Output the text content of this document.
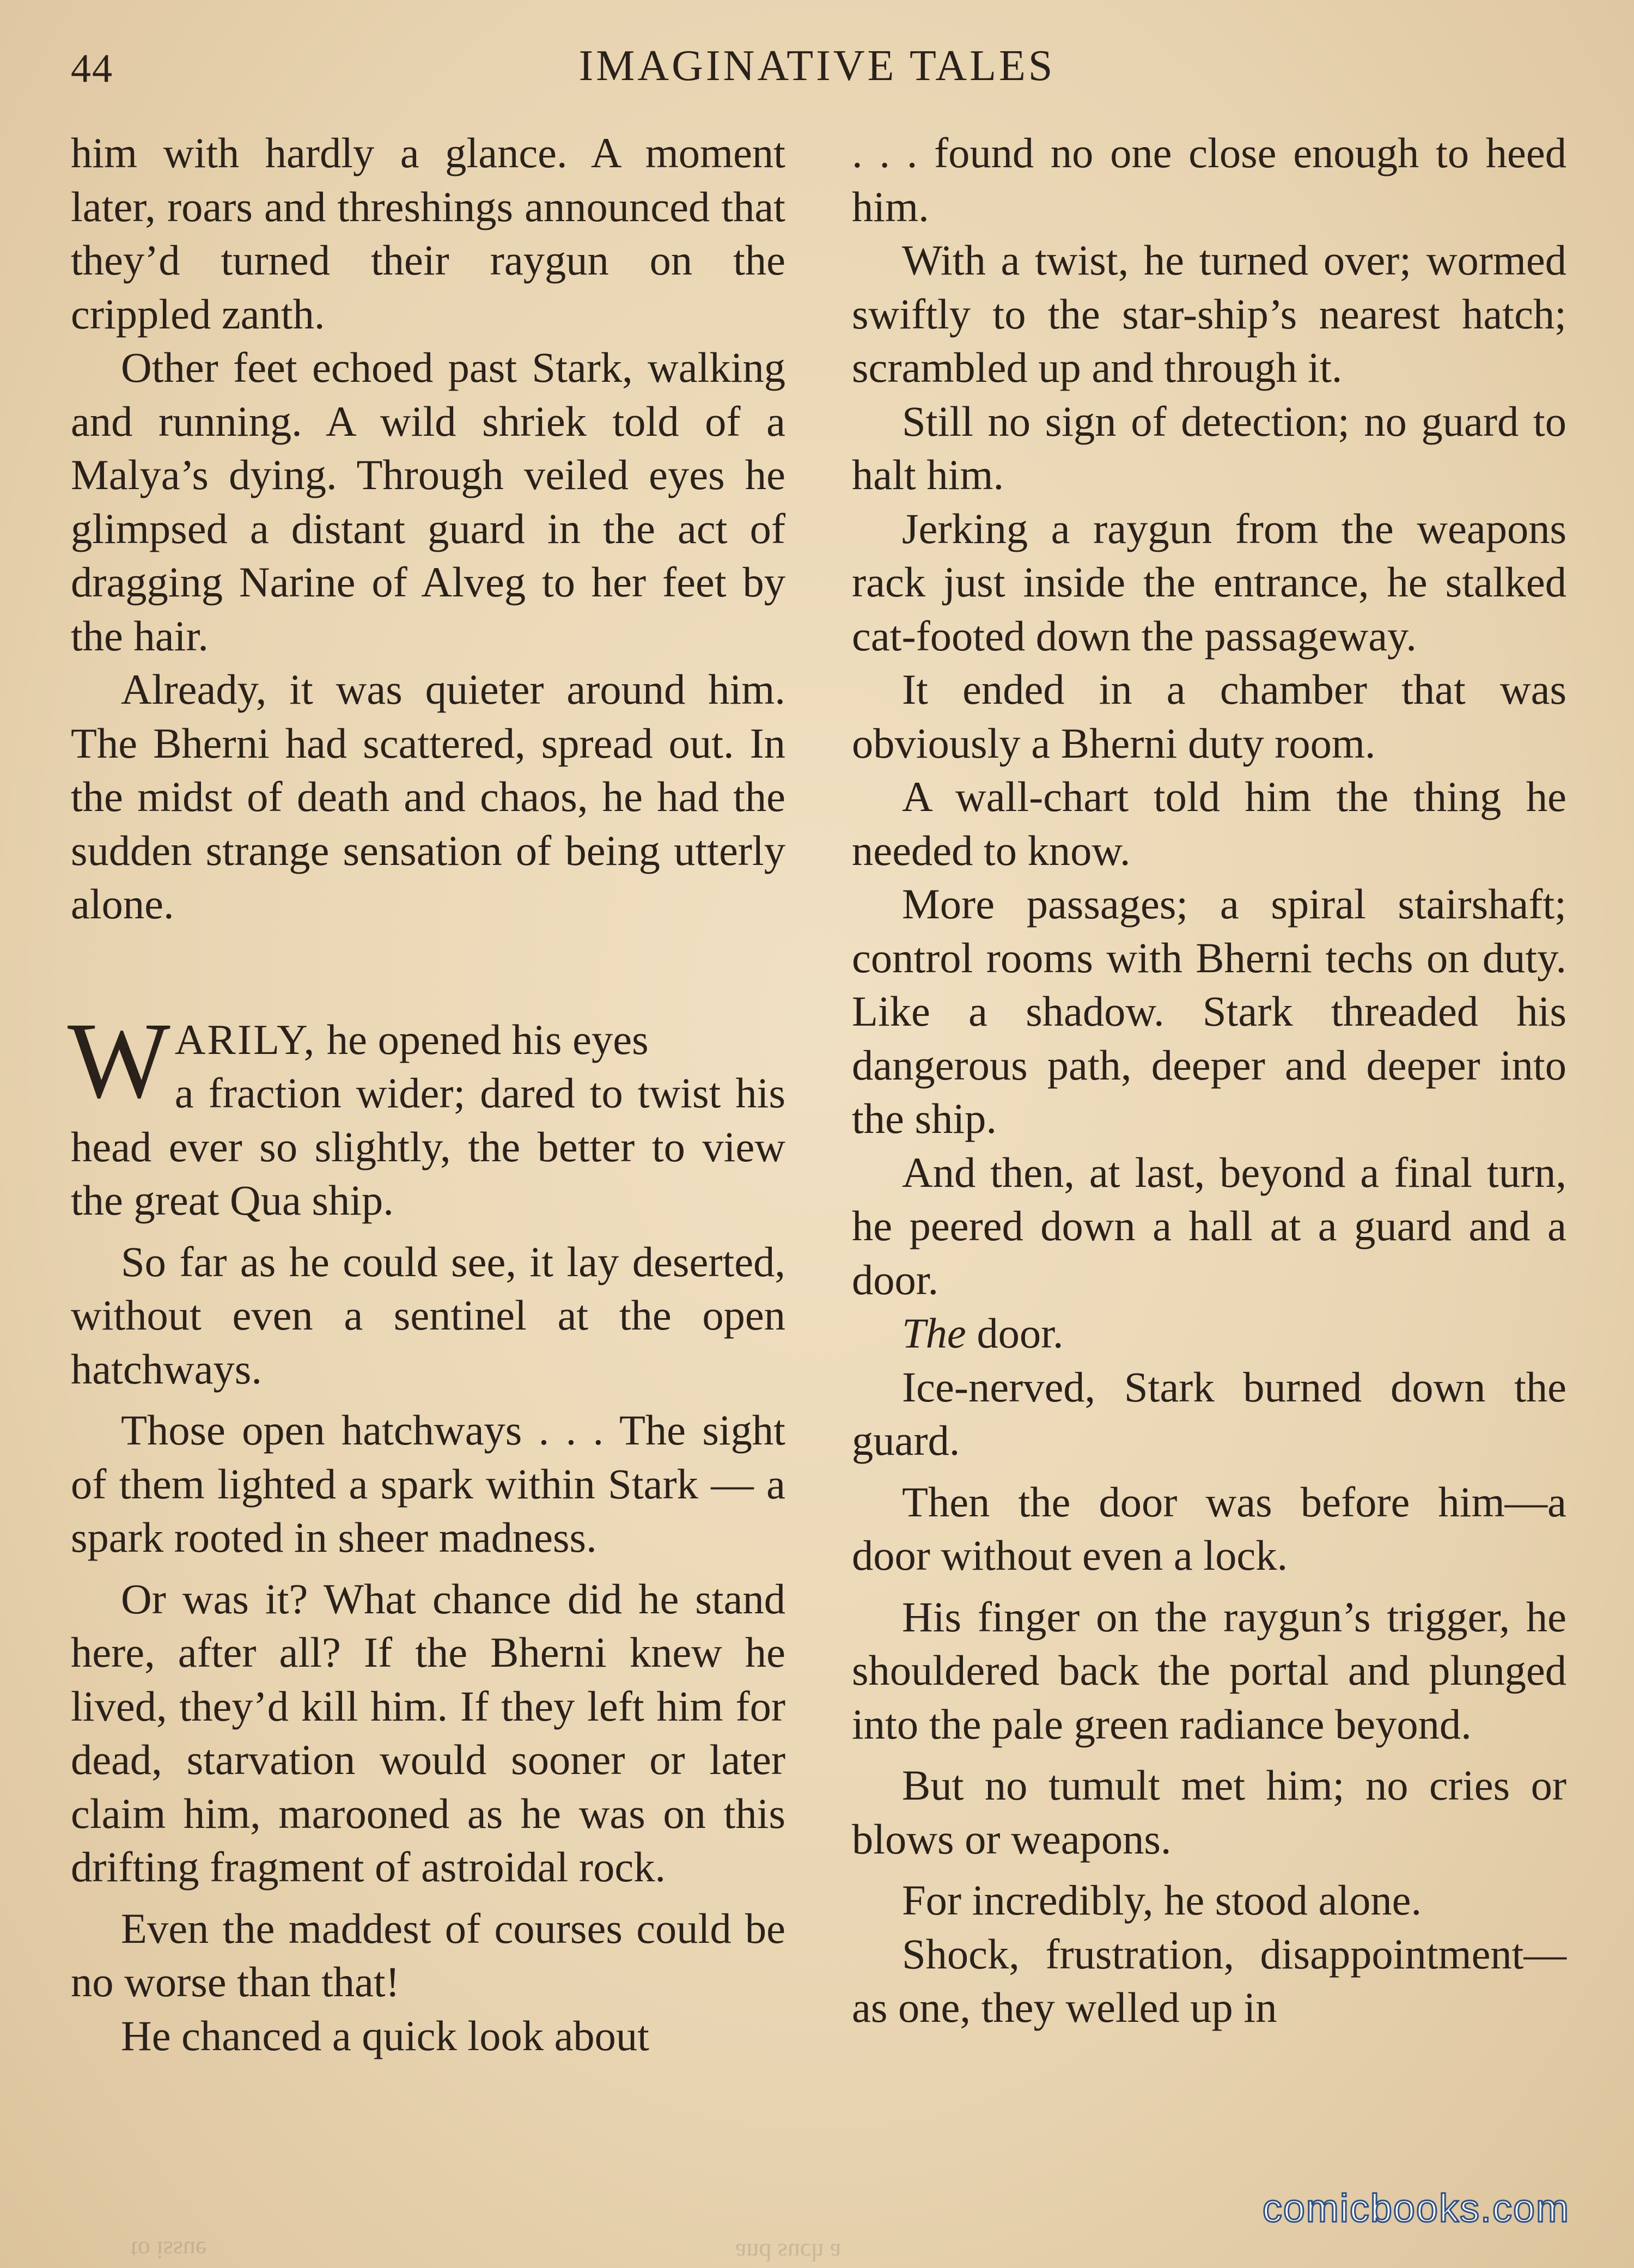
44	IMAGINATIVE TALES

him with hardly a glance. A moment later, roars and threshings announced that they’d turned their raygun on the crippled zanth.

Other feet echoed past Stark, walking and running. A wild shriek told of a Malya’s dying. Through veiled eyes he glimpsed a distant guard in the act of dragging Narine of Alveg to her feet by the hair.

Already, it was quieter around him. The Bherni had scattered, spread out. In the midst of death and chaos, he had the sudden strange sensation of being utterly alone.

W ARILY, he opened his eyes
a fraction wider; dared to twist his head ever so slightly, the better to view the great Qua ship.

So far as he could see, it lay deserted, without even a sentinel at the open hatchways.

Those open hatchways . . . The sight of them lighted a spark within Stark — a spark rooted in sheer madness.

Or was it? What chance did he stand here, after all? If the Bherni knew he lived, they’d kill him. If they left him for dead, starvation would sooner or later claim him, marooned as he was on this drifting fragment of astroidal rock.

Even the maddest of courses could be no worse than that!

He chanced a quick look about

. . . found no one close enough to heed him.

With a twist, he turned over; wormed swiftly to the star-ship’s nearest hatch; scrambled up and through it.

Still no sign of detection; no guard to halt him.

Jerking a raygun from the weapons rack just inside the entrance, he stalked cat-footed down the passageway.

It ended in a chamber that was obviously a Bherni duty room.

A wall-chart told him the thing he needed to know.

More passages; a spiral stairshaft; control rooms with Bherni techs on duty. Like a shadow. Stark threaded his dangerous path, deeper and deeper into the ship.

And then, at last, beyond a final turn, he peered down a hall at a guard and a door.

The door.

Ice-nerved, Stark burned down the guard.

Then the door was before him—a door without even a lock.

His finger on the raygun’s trigger, he shouldered back the portal and plunged into the pale green radiance beyond.

But no tumult met him; no cries or blows or weapons.

For incredibly, he stood alone.

Shock, frustration, disappointment—as one, they welled up in

to issue	and such a
comicbooks.com
